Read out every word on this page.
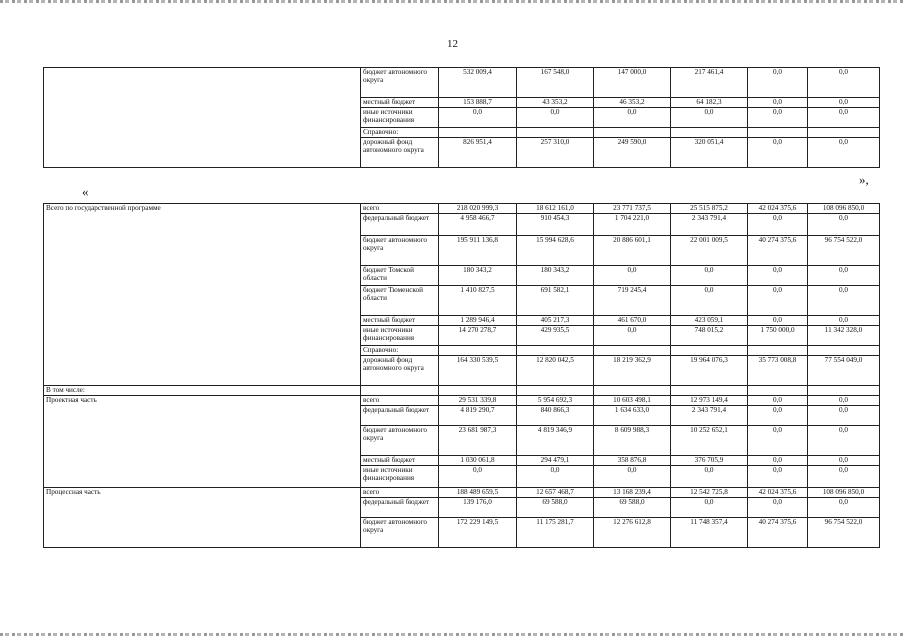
12
	бюджет автономного округа	532 009,4	167 548,0	147 000,0	217 461,4	0,0	0,0
	местный бюджет	153 888,7	43 353,2	46 353,2	64 182,3	0,0	0,0
	иные источники финансирования	0,0	0,0	0,0	0,0	0,0	0,0
	Справочно:						
	дорожный фонд автономного округа	826 951,4	257 310,0	249 590,0	320 051,4	0,0	0,0
»,
«
Всего по государственной программе	всего	218 020 999,3	18 612 161,0	23 771 737,5	25 515 875,2	42 024 375,6	108 096 850,0
	федеральный бюджет	4 958 466,7	910 454,3	1 704 221,0	2 343 791,4	0,0	0,0
	бюджет автономного округа	195 911 136,8	15 994 628,6	20 886 601,1	22 001 009,5	40 274 375,6	96 754 522,0
	бюджет Томской области	180 343,2	180 343,2	0,0	0,0	0,0	0,0
	бюджет Тюменской области	1 410 827,5	691 582,1	719 245,4	0,0	0,0	0,0
	местный бюджет	1 289 946,4	405 217,3	461 670,0	423 059,1	0,0	0,0
	иные источники финансирования	14 270 278,7	429 935,5	0,0	748 015,2	1 750 000,0	11 342 328,0
	Справочно:						
	дорожный фонд автономного округа	164 330 539,5	12 820 042,5	18 219 362,9	19 964 076,3	35 773 008,8	77 554 049,0
В том числе:							
Проектная часть	всего	29 531 339,8	5 954 692,3	10 603 498,1	12 973 149,4	0,0	0,0
	федеральный бюджет	4 819 290,7	840 866,3	1 634 633,0	2 343 791,4	0,0	0,0
	бюджет автономного округа	23 681 987,3	4 819 346,9	8 609 988,3	10 252 652,1	0,0	0,0
	местный бюджет	1 030 061,8	294 479,1	358 876,8	376 705,9	0,0	0,0
	иные источники финансирования	0,0	0,0	0,0	0,0	0,0	0,0
Процессная часть	всего	188 489 659,5	12 657 468,7	13 168 239,4	12 542 725,8	42 024 375,6	108 096 850,0
	федеральный бюджет	139 176,0	69 588,0	69 588,0	0,0	0,0	0,0
	бюджет автономного округа	172 229 149,5	11 175 281,7	12 276 612,8	11 748 357,4	40 274 375,6	96 754 522,0
